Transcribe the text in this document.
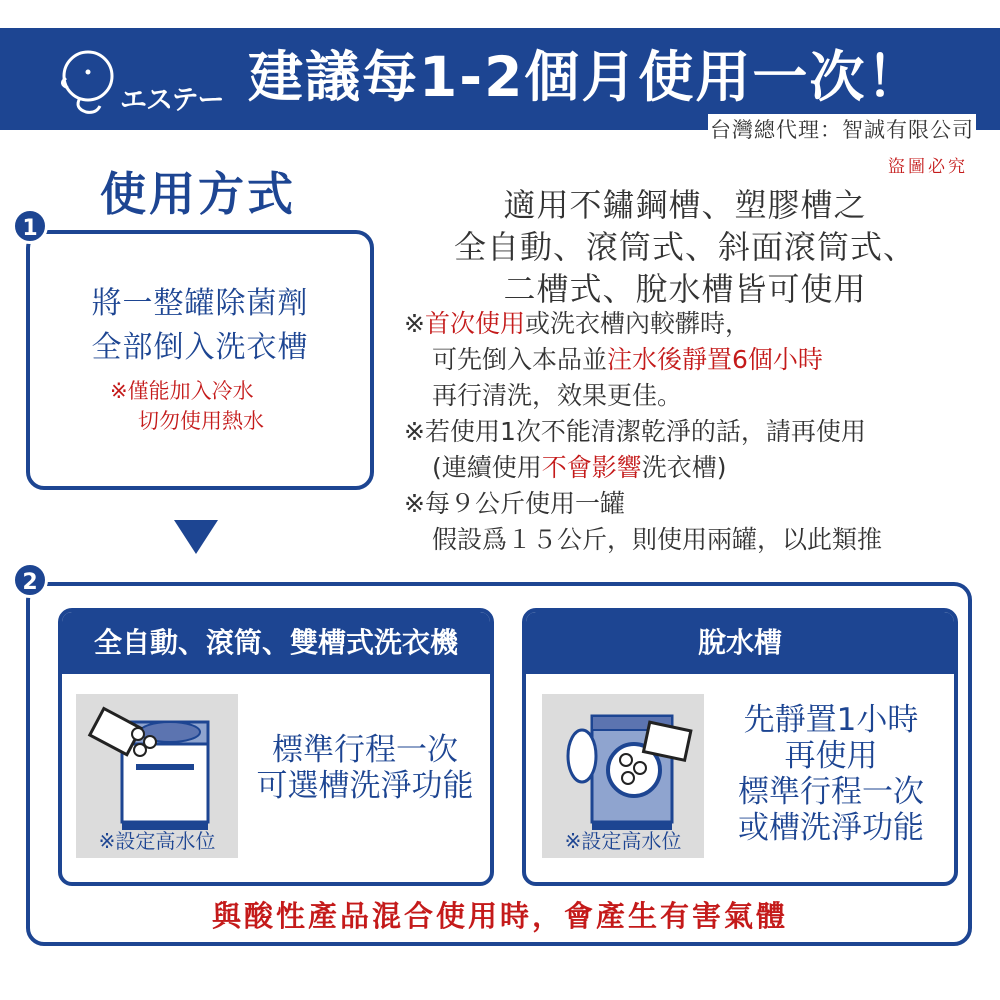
エステー 建議每1-2個月使用一次！
台灣總代理：智誠有限公司
盜圖必究
使用方式
將一整罐除菌劑
全部倒入洗衣槽
※僅能加入冷水
切勿使用熱水
1
適用不鏽鋼槽、塑膠槽之
全自動、滾筒式、斜面滾筒式、
二槽式、脫水槽皆可使用
※首次使用或洗衣槽內較髒時，
可先倒入本品並注水後靜置6個小時
再行清洗，效果更佳。
※若使用1次不能清潔乾淨的話，請再使用
(連續使用不會影響洗衣槽)
※每９公斤使用一罐
假設爲１５公斤，則使用兩罐，以此類推
2
全自動、滾筒、雙槽式洗衣機
※設定高水位
標準行程一次
可選槽洗淨功能
脫水槽
※設定高水位
先靜置1小時
再使用
標準行程一次
或槽洗淨功能
與酸性產品混合使用時，會產生有害氣體
